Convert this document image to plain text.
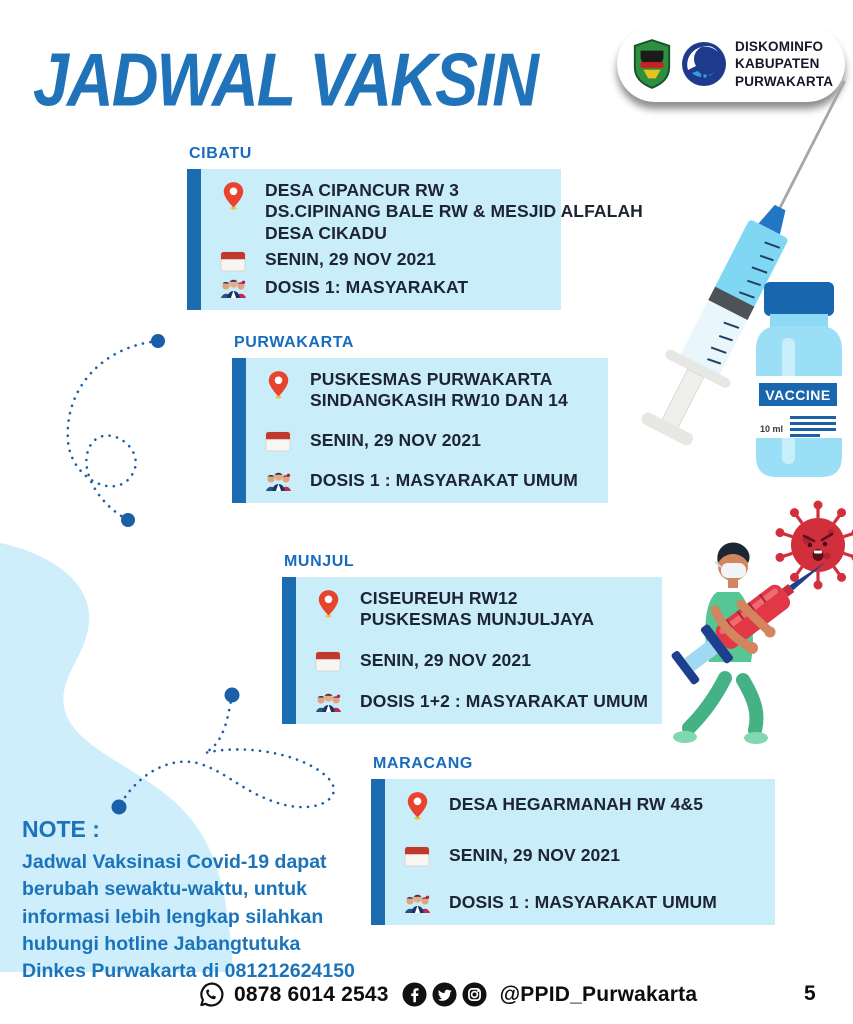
JADWAL VAKSIN	DISKOMINFO
KABUPATEN
PURWAKARTA
CIBATU
DESA CIPANCUR RW 3
DS.CIPINANG BALE RW & MESJID ALFALAH
DESA CIKADU
SENIN, 29 NOV 2021
DOSIS 1: MASYARAKAT
PURWAKARTA
PUSKESMAS PURWAKARTA
SINDANGKASIH RW10 DAN 14
SENIN, 29 NOV 2021
DOSIS 1 : MASYARAKAT UMUM
MUNJUL
CISEUREUH RW12
PUSKESMAS MUNJULJAYA
SENIN, 29 NOV 2021
DOSIS 1+2 : MASYARAKAT UMUM
MARACANG
DESA HEGARMANAH RW 4&5
SENIN, 29 NOV 2021
DOSIS 1 : MASYARAKAT UMUM
VACCINE
10 ml
NOTE :
Jadwal Vaksinasi Covid-19 dapat
berubah sewaktu-waktu, untuk
informasi lebih lengkap silahkan
hubungi hotline Jabangtutuka
Dinkes Purwakarta di 081212624150
0878 6014 2543	@PPID_Purwakarta	5
